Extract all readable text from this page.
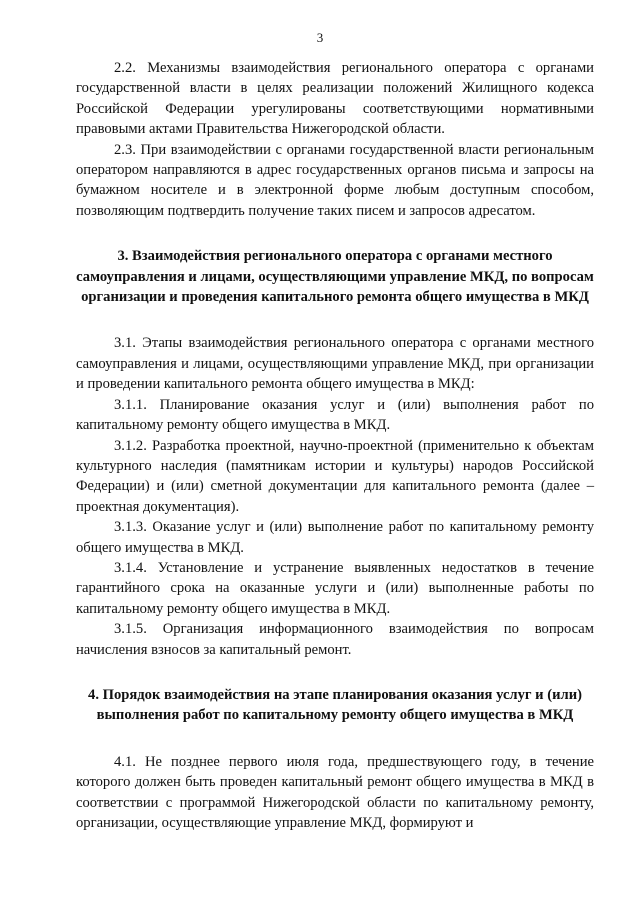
3

2.2. Механизмы взаимодействия регионального оператора с органами государственной власти в целях реализации положений Жилищного кодекса Российской Федерации урегулированы соответствующими нормативными правовыми актами Правительства Нижегородской области.

2.3. При взаимодействии с органами государственной власти региональным оператором направляются в адрес государственных органов письма и запросы на бумажном носителе и в электронной форме любым доступным способом, позволяющим подтвердить получение таких писем и запросов адресатом.

3. Взаимодействия регионального оператора с органами местного самоуправления и лицами, осуществляющими управление МКД, по вопросам организации и проведения капитального ремонта общего имущества в МКД

3.1. Этапы взаимодействия регионального оператора с органами местного самоуправления и лицами, осуществляющими управление МКД, при организации и проведении капитального ремонта общего имущества в МКД:

3.1.1. Планирование оказания услуг и (или) выполнения работ по капитальному ремонту общего имущества в МКД.

3.1.2. Разработка проектной, научно-проектной (применительно к объектам культурного наследия (памятникам истории и культуры) народов Российской Федерации) и (или) сметной документации для капитального ремонта (далее – проектная документация).

3.1.3. Оказание услуг и (или) выполнение работ по капитальному ремонту общего имущества в МКД.

3.1.4. Установление и устранение выявленных недостатков в течение гарантийного срока на оказанные услуги и (или) выполненные работы по капитальному ремонту общего имущества в МКД.

3.1.5. Организация информационного взаимодействия по вопросам начисления взносов за капитальный ремонт.

4. Порядок взаимодействия на этапе планирования оказания услуг и (или) выполнения работ по капитальному ремонту общего имущества в МКД

4.1. Не позднее первого июля года, предшествующего году, в течение которого должен быть проведен капитальный ремонт общего имущества в МКД в соответствии с программой Нижегородской области по капитальному ремонту, организации, осуществляющие управление МКД, формируют и
